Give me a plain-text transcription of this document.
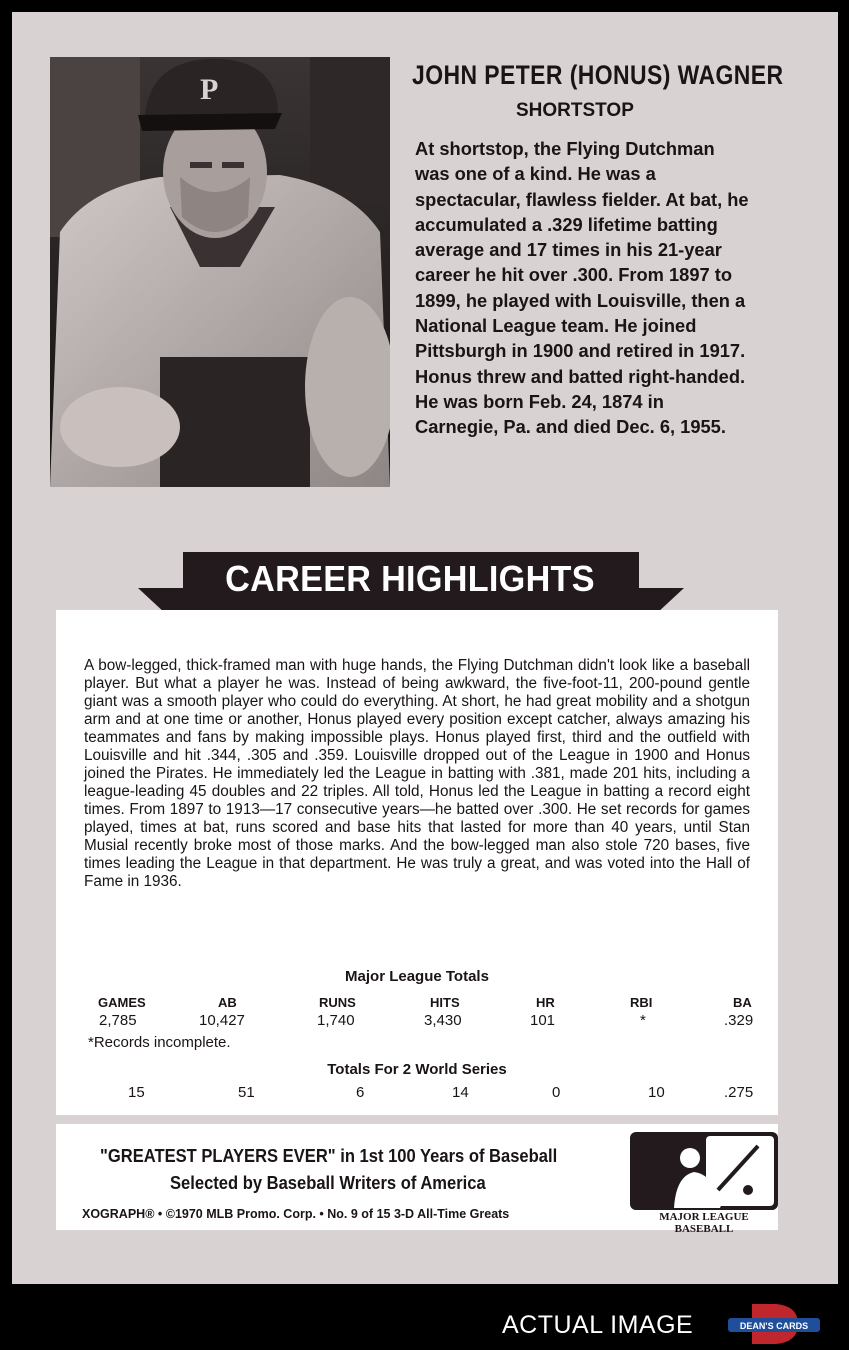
P	JOHN PETER (HONUS) WAGNER
SHORTSTOP
At shortstop, the Flying Dutchman was one of a kind. He was a spectacular, flawless fielder. At bat, he accumulated a .329 lifetime batting average and 17 times in his 21-year career he hit over .300. From 1897 to 1899, he played with Louisville, then a National League team. He joined Pittsburgh in 1900 and retired in 1917. Honus threw and batted right-handed. He was born Feb. 24, 1874 in Carnegie, Pa. and died Dec. 6, 1955.
CAREER HIGHLIGHTS
A bow-legged, thick-framed man with huge hands, the Flying Dutchman didn't look like a baseball player. But what a player he was. Instead of being awkward, the five-foot-11, 200-pound gentle giant was a smooth player who could do everything. At short, he had great mobility and a shotgun arm and at one time or another, Honus played every position except catcher, always amazing his teammates and fans by making impossible plays. Honus played first, third and the outfield with Louisville and hit .344, .305 and .359. Louisville dropped out of the League in 1900 and Honus joined the Pirates. He immediately led the League in batting with .381, made 201 hits, including a league-leading 45 doubles and 22 triples. All told, Honus led the League in batting a record eight times. From 1897 to 1913—17 consecutive years—he batted over .300. He set records for games played, times at bat, runs scored and base hits that lasted for more than 40 years, until Stan Musial recently broke most of those marks. And the bow-legged man also stole 720 bases, five times leading the League in that department. He was truly a great, and was voted into the Hall of Fame in 1936.
Major League Totals
GAMES	AB	RUNS	HITS	HR	RBI	BA
2,785	10,427	1,740	3,430	101	*	.329
*Records incomplete.
Totals For 2 World Series
15	51	6	14	0	10	.275
"GREATEST PLAYERS EVER" in 1st 100 Years of Baseball
Selected by Baseball Writers of America
XOGRAPH® • ©1970 MLB Promo. Corp. • No. 9 of 15 3-D All-Time Greats	MAJOR LEAGUE BASEBALL
ACTUAL IMAGE	DEAN'S CARDS
